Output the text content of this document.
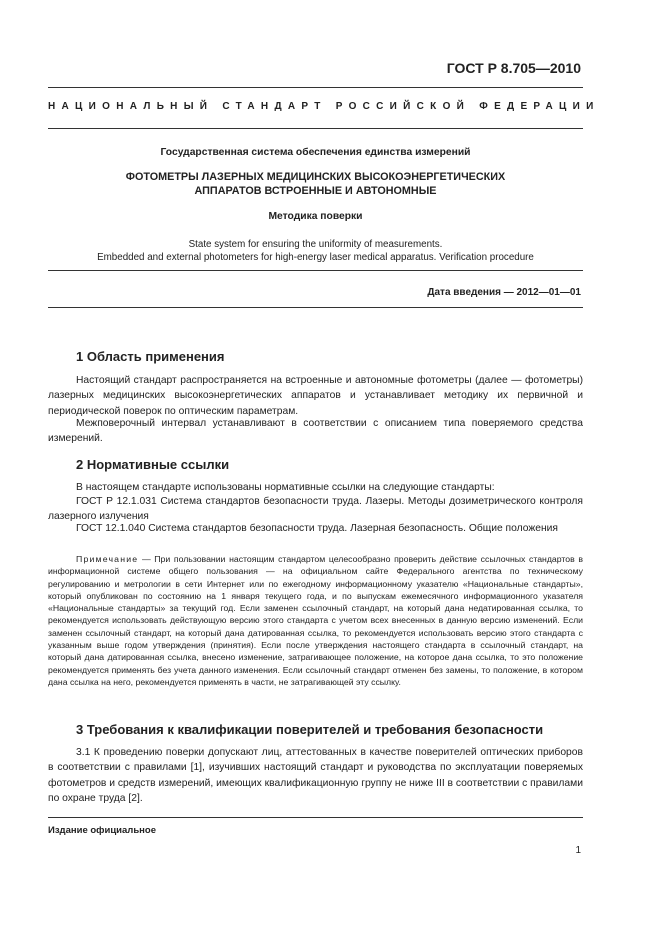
ГОСТ Р 8.705—2010
НАЦИОНАЛЬНЫЙ СТАНДАРТ РОССИЙСКОЙ ФЕДЕРАЦИИ
Государственная система обеспечения единства измерений
ФОТОМЕТРЫ ЛАЗЕРНЫХ МЕДИЦИНСКИХ ВЫСОКОЭНЕРГЕТИЧЕСКИХ
АППАРАТОВ ВСТРОЕННЫЕ И АВТОНОМНЫЕ
Методика поверки
State system for ensuring the uniformity of measurements.
Embedded and external photometers for high-energy laser medical apparatus. Verification procedure
Дата введения — 2012—01—01
1 Область применения
Настоящий стандарт распространяется на встроенные и автономные фотометры (далее — фотометры) лазерных медицинских высокоэнергетических аппаратов и устанавливает методику их первичной и периодической поверок по оптическим параметрам.
Межповерочный интервал устанавливают в соответствии с описанием типа поверяемого средства измерений.
2 Нормативные ссылки
В настоящем стандарте использованы нормативные ссылки на следующие стандарты:
ГОСТ Р 12.1.031 Система стандартов безопасности труда. Лазеры. Методы дозиметрического контроля лазерного излучения
ГОСТ 12.1.040 Система стандартов безопасности труда. Лазерная безопасность. Общие положения
Примечание — При пользовании настоящим стандартом целесообразно проверить действие ссылочных стандартов в информационной системе общего пользования — на официальном сайте Федерального агентства по техническому регулированию и метрологии в сети Интернет или по ежегодному информационному указателю «Национальные стандарты», который опубликован по состоянию на 1 января текущего года, и по выпускам ежемесячного информационного указателя «Национальные стандарты» за текущий год. Если заменен ссылочный стандарт, на который дана недатированная ссылка, то рекомендуется использовать действующую версию этого стандарта с учетом всех внесенных в данную версию изменений. Если заменен ссылочный стандарт, на который дана датированная ссылка, то рекомендуется использовать версию этого стандарта с указанным выше годом утверждения (принятия). Если после утверждения настоящего стандарта в ссылочный стандарт, на который дана датированная ссылка, внесено изменение, затрагивающее положение, на которое дана ссылка, то это положение рекомендуется применять без учета данного изменения. Если ссылочный стандарт отменен без замены, то положение, в котором дана ссылка на него, рекомендуется применять в части, не затрагивающей эту ссылку.
3 Требования к квалификации поверителей и требования безопасности
3.1 К проведению поверки допускают лиц, аттестованных в качестве поверителей оптических приборов в соответствии с правилами [1], изучивших настоящий стандарт и руководства по эксплуатации поверяемых фотометров и средств измерений, имеющих квалификационную группу не ниже III в соответствии с правилами по охране труда [2].
Издание официальное
1
